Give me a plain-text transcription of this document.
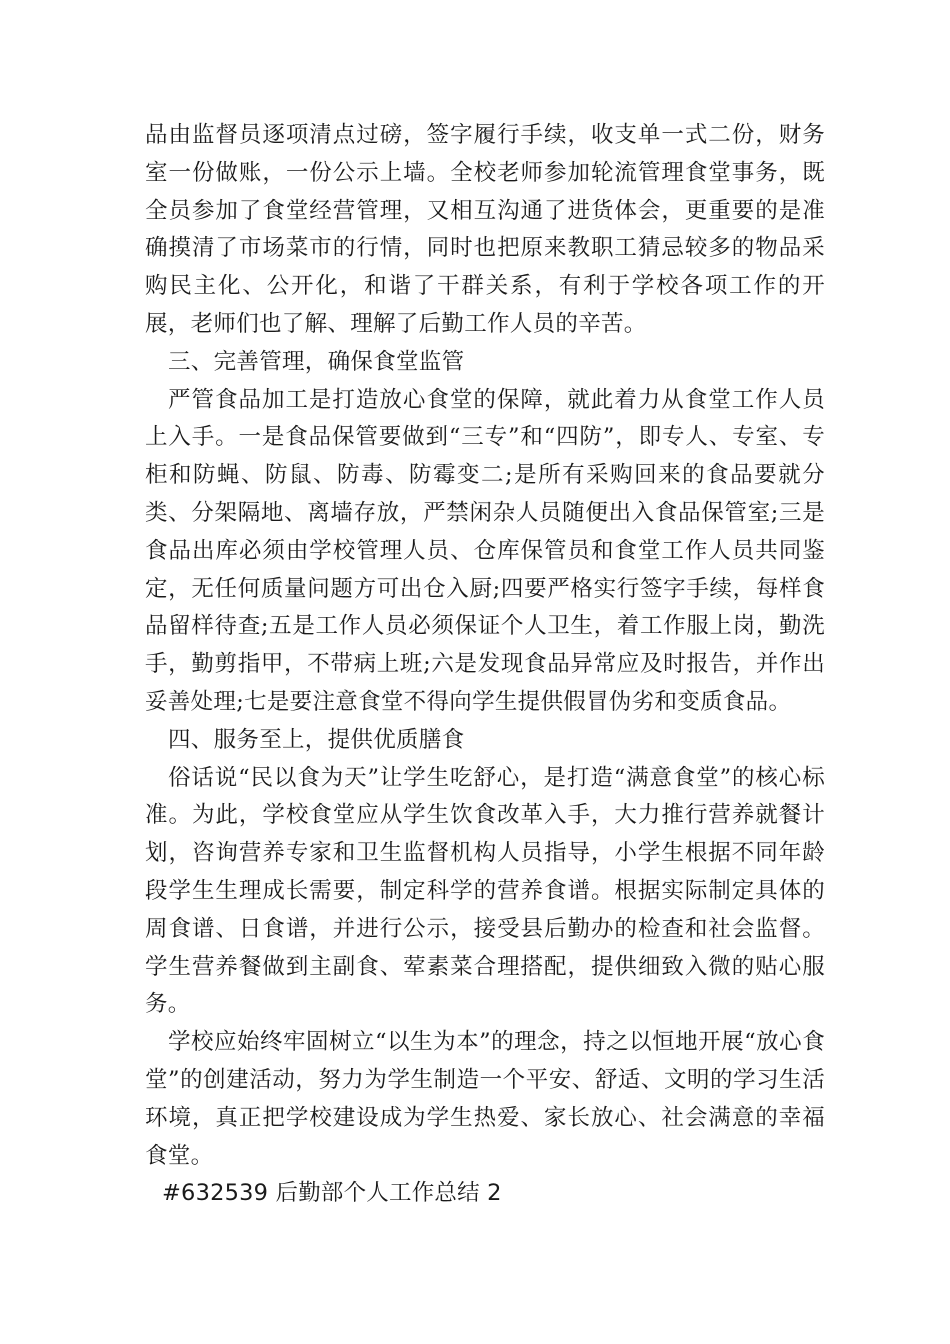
品由监督员逐项清点过磅，签字履行手续，收支单一式二份，财务室一份做账，一份公示上墙。全校老师参加轮流管理食堂事务，既全员参加了食堂经营管理，又相互沟通了进货体会，更重要的是准确摸清了市场菜市的行情，同时也把原来教职工猜忌较多的物品采购民主化、公开化，和谐了干群关系，有利于学校各项工作的开展，老师们也了解、理解了后勤工作人员的辛苦。

三、完善管理，确保食堂监管

严管食品加工是打造放心食堂的保障，就此着力从食堂工作人员上入手。一是食品保管要做到“三专”和“四防”，即专人、专室、专柜和防蝇、防鼠、防毒、防霉变二;是所有采购回来的食品要就分类、分架隔地、离墙存放，严禁闲杂人员随便出入食品保管室;三是食品出库必须由学校管理人员、仓库保管员和食堂工作人员共同鉴定，无任何质量问题方可出仓入厨;四要严格实行签字手续，每样食品留样待查;五是工作人员必须保证个人卫生，着工作服上岗，勤洗手，勤剪指甲，不带病上班;六是发现食品异常应及时报告，并作出妥善处理;七是要注意食堂不得向学生提供假冒伪劣和变质食品。

四、服务至上，提供优质膳食

俗话说“民以食为天”让学生吃舒心，是打造“满意食堂”的核心标准。为此，学校食堂应从学生饮食改革入手，大力推行营养就餐计划，咨询营养专家和卫生监督机构人员指导，小学生根据不同年龄段学生生理成长需要，制定科学的营养食谱。根据实际制定具体的周食谱、日食谱，并进行公示，接受县后勤办的检查和社会监督。学生营养餐做到主副食、荤素菜合理搭配，提供细致入微的贴心服务。

学校应始终牢固树立“以生为本”的理念，持之以恒地开展“放心食堂”的创建活动，努力为学生制造一个平安、舒适、文明的学习生活环境，真正把学校建设成为学生热爱、家长放心、社会满意的幸福食堂。

#632539 后勤部个人工作总结 2
